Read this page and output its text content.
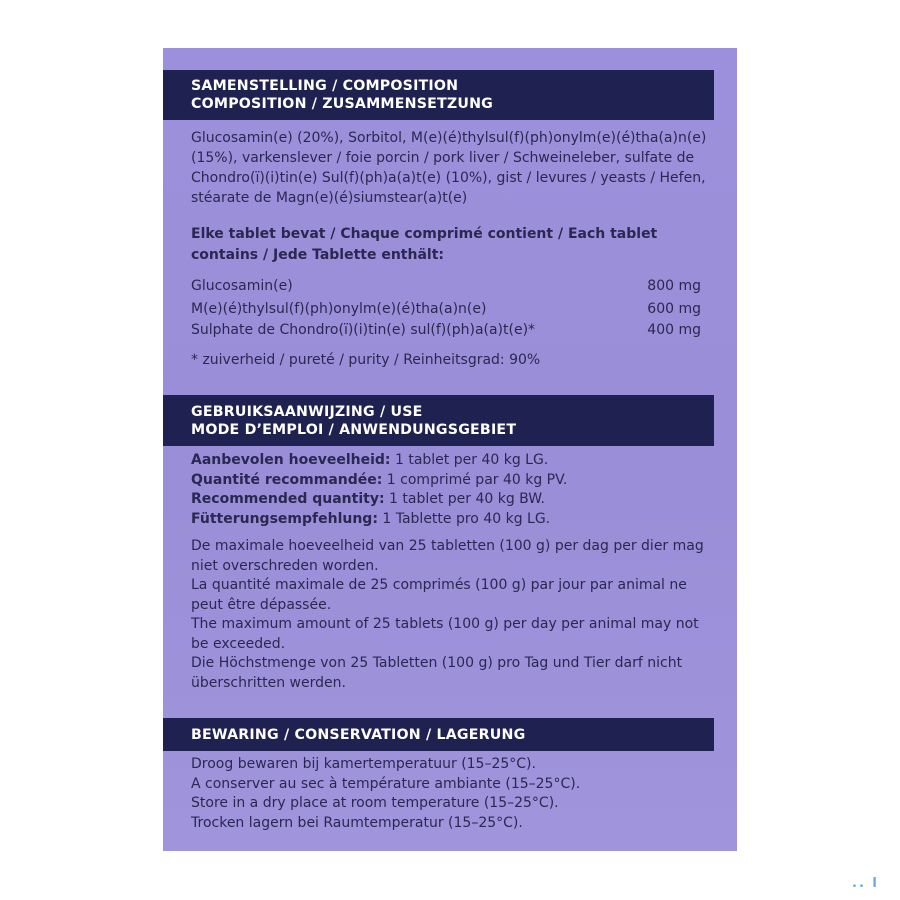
SAMENSTELLING / COMPOSITION
COMPOSITION / ZUSAMMENSETZUNG
Glucosamin(e) (20%), Sorbitol, M(e)(é)thylsul(f)(ph)onylm(e)(é)tha(a)n(e) (15%), varkenslever / foie porcin / pork liver / Schweineleber, sulfate de Chondro(ï)(i)tin(e) Sul(f)(ph)a(a)t(e) (10%), gist / levures / yeasts / Hefen, stéarate de Magn(e)(é)siumstear(a)t(e)
Elke tablet bevat / Chaque comprimé contient / Each tablet contains / Jede Tablette enthält:
Glucosamin(e)	800 mg
M(e)(é)thylsul(f)(ph)onylm(e)(é)tha(a)n(e)	600 mg
Sulphate de Chondro(ï)(i)tin(e) sul(f)(ph)a(a)t(e)*	400 mg
* zuiverheid / pureté / purity / Reinheitsgrad: 90%
GEBRUIKSAANWIJZING / USE
MODE D’EMPLOI / ANWENDUNGSGEBIET
Aanbevolen hoeveelheid: 1 tablet per 40 kg LG.
Quantité recommandée: 1 comprimé par 40 kg PV.
Recommended quantity: 1 tablet per 40 kg BW.
Fütterungsempfehlung: 1 Tablette pro 40 kg LG.

De maximale hoeveelheid van 25 tabletten (100 g) per dag per dier mag niet overschreden worden.

La quantité maximale de 25 comprimés (100 g) par jour par animal ne peut être dépassée.

The maximum amount of 25 tablets (100 g) per day per animal may not be exceeded.

Die Höchstmenge von 25 Tabletten (100 g) pro Tag und Tier darf nicht überschritten werden.

BEWARING / CONSERVATION / LAGERUNG
Droog bewaren bij kamertemperatuur (15–25°C).
A conserver au sec à température ambiante (15–25°C).
Store in a dry place at room temperature (15–25°C).
Trocken lagern bei Raumtemperatur (15–25°C).
.. l
